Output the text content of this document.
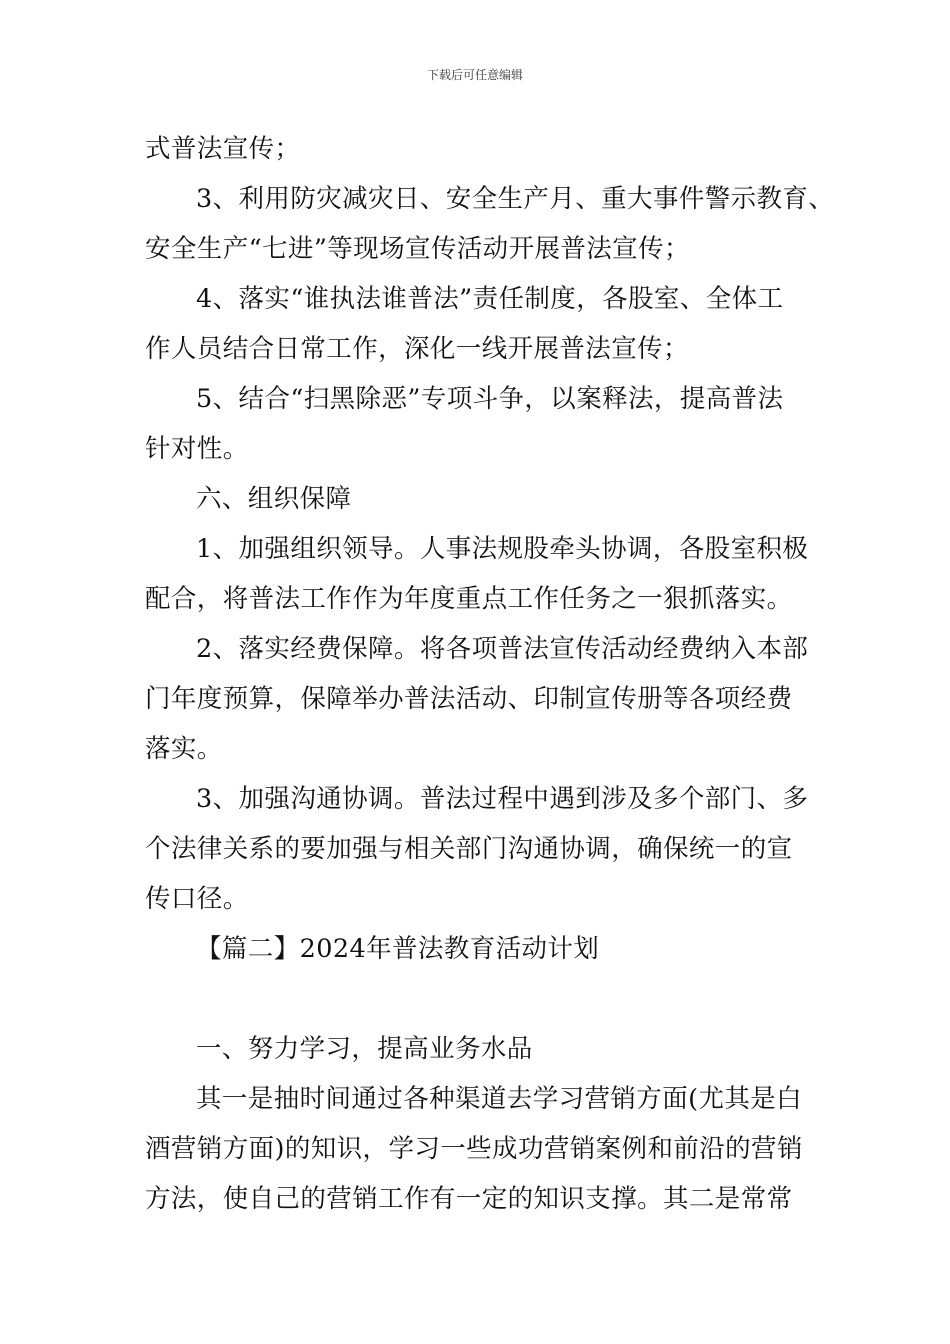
下载后可任意编辑
式普法宣传；
3、利用防灾减灾日、安全生产月、重大事件警示教育、
安全生产“七进”等现场宣传活动开展普法宣传；
4、落实“谁执法谁普法”责任制度，各股室、全体工
作人员结合日常工作，深化一线开展普法宣传；
5、结合“扫黑除恶”专项斗争，以案释法，提高普法
针对性。
六、组织保障
1、加强组织领导。人事法规股牵头协调，各股室积极
配合，将普法工作作为年度重点工作任务之一狠抓落实。
2、落实经费保障。将各项普法宣传活动经费纳入本部
门年度预算，保障举办普法活动、印制宣传册等各项经费
落实。
3、加强沟通协调。普法过程中遇到涉及多个部门、多
个法律关系的要加强与相关部门沟通协调，确保统一的宣
传口径。
【篇二】2024年普法教育活动计划
一、努力学习，提高业务水品
其一是抽时间通过各种渠道去学习营销方面(尤其是白
酒营销方面)的知识，学习一些成功营销案例和前沿的营销
方法，使自己的营销工作有一定的知识支撑。其二是常常
